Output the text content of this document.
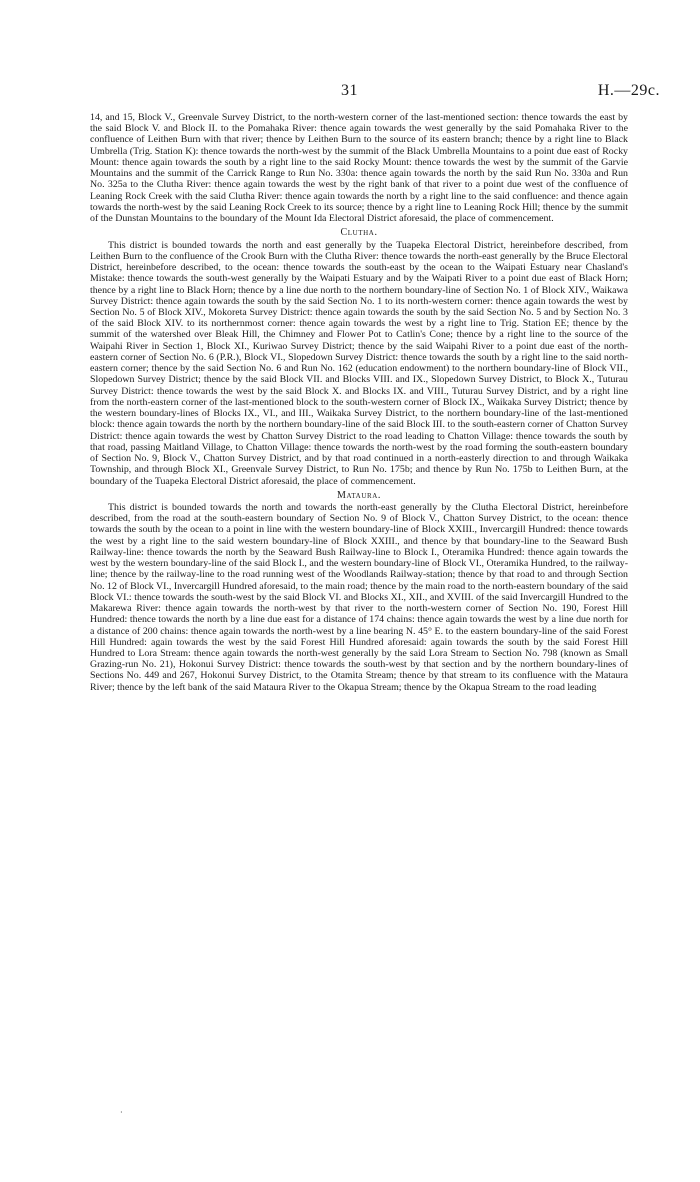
31	H.—29c.

14, and 15, Block V., Greenvale Survey District, to the north-western corner of the last-mentioned section: thence towards the east by the said Block V. and Block II. to the Pomahaka River: thence again towards the west generally by the said Pomahaka River to the confluence of Leithen Burn with that river; thence by Leithen Burn to the source of its eastern branch; thence by a right line to Black Umbrella (Trig. Station K): thence towards the north-west by the summit of the Black Umbrella Mountains to a point due east of Rocky Mount: thence again towards the south by a right line to the said Rocky Mount: thence towards the west by the summit of the Garvie Mountains and the summit of the Carrick Range to Run No. 330a: thence again towards the north by the said Run No. 330a and Run No. 325a to the Clutha River: thence again towards the west by the right bank of that river to a point due west of the confluence of Leaning Rock Creek with the said Clutha River: thence again towards the north by a right line to the said confluence: and thence again towards the north-west by the said Leaning Rock Creek to its source; thence by a right line to Leaning Rock Hill; thence by the summit of the Dunstan Mountains to the boundary of the Mount Ida Electoral District aforesaid, the place of commencement.

Clutha.

This district is bounded towards the north and east generally by the Tuapeka Electoral District, hereinbefore described, from Leithen Burn to the confluence of the Crook Burn with the Clutha River: thence towards the north-east generally by the Bruce Electoral District, hereinbefore described, to the ocean: thence towards the south-east by the ocean to the Waipati Estuary near Chasland's Mistake: thence towards the south-west generally by the Waipati Estuary and by the Waipati River to a point due east of Black Horn; thence by a right line to Black Horn; thence by a line due north to the northern boundary-line of Section No. 1 of Block XIV., Waikawa Survey District: thence again towards the south by the said Section No. 1 to its north-western corner: thence again towards the west by Section No. 5 of Block XIV., Mokoreta Survey District: thence again towards the south by the said Section No. 5 and by Section No. 3 of the said Block XIV. to its northernmost corner: thence again towards the west by a right line to Trig. Station EE; thence by the summit of the watershed over Bleak Hill, the Chimney and Flower Pot to Catlin's Cone; thence by a right line to the source of the Waipahi River in Section 1, Block XI., Kuriwao Survey District; thence by the said Waipahi River to a point due east of the north-eastern corner of Section No. 6 (P.R.), Block VI., Slopedown Survey District: thence towards the south by a right line to the said north-eastern corner; thence by the said Section No. 6 and Run No. 162 (education endowment) to the northern boundary-line of Block VII., Slopedown Survey District; thence by the said Block VII. and Blocks VIII. and IX., Slopedown Survey District, to Block X., Tuturau Survey District: thence towards the west by the said Block X. and Blocks IX. and VIII., Tuturau Survey District, and by a right line from the north-eastern corner of the last-mentioned block to the south-western corner of Block IX., Waikaka Survey District; thence by the western boundary-lines of Blocks IX., VI., and III., Waikaka Survey District, to the northern boundary-line of the last-mentioned block: thence again towards the north by the northern boundary-line of the said Block III. to the south-eastern corner of Chatton Survey District: thence again towards the west by Chatton Survey District to the road leading to Chatton Village: thence towards the south by that road, passing Maitland Village, to Chatton Village: thence towards the north-west by the road forming the south-eastern boundary of Section No. 9, Block V., Chatton Survey District, and by that road continued in a north-easterly direction to and through Waikaka Township, and through Block XI., Greenvale Survey District, to Run No. 175b; and thence by Run No. 175b to Leithen Burn, at the boundary of the Tuapeka Electoral District aforesaid, the place of commencement.

Mataura.

This district is bounded towards the north and towards the north-east generally by the Clutha Electoral District, hereinbefore described, from the road at the south-eastern boundary of Section No. 9 of Block V., Chatton Survey District, to the ocean: thence towards the south by the ocean to a point in line with the western boundary-line of Block XXIII., Invercargill Hundred: thence towards the west by a right line to the said western boundary-line of Block XXIII., and thence by that boundary-line to the Seaward Bush Railway-line: thence towards the north by the Seaward Bush Railway-line to Block I., Oteramika Hundred: thence again towards the west by the western boundary-line of the said Block I., and the western boundary-line of Block VI., Oteramika Hundred, to the railway-line; thence by the railway-line to the road running west of the Woodlands Railway-station; thence by that road to and through Section No. 12 of Block VI., Invercargill Hundred aforesaid, to the main road; thence by the main road to the north-eastern boundary of the said Block VI.: thence towards the south-west by the said Block VI. and Blocks XI., XII., and XVIII. of the said Invercargill Hundred to the Makarewa River: thence again towards the north-west by that river to the north-western corner of Section No. 190, Forest Hill Hundred: thence towards the north by a line due east for a distance of 174 chains: thence again towards the west by a line due north for a distance of 200 chains: thence again towards the north-west by a line bearing N. 45° E. to the eastern boundary-line of the said Forest Hill Hundred: again towards the west by the said Forest Hill Hundred aforesaid: again towards the south by the said Forest Hill Hundred to Lora Stream: thence again towards the north-west generally by the said Lora Stream to Section No. 798 (known as Small Grazing-run No. 21), Hokonui Survey District: thence towards the south-west by that section and by the northern boundary-lines of Sections No. 449 and 267, Hokonui Survey District, to the Otamita Stream; thence by that stream to its confluence with the Mataura River; thence by the left bank of the said Mataura River to the Okapua Stream; thence by the Okapua Stream to the road leading

·
